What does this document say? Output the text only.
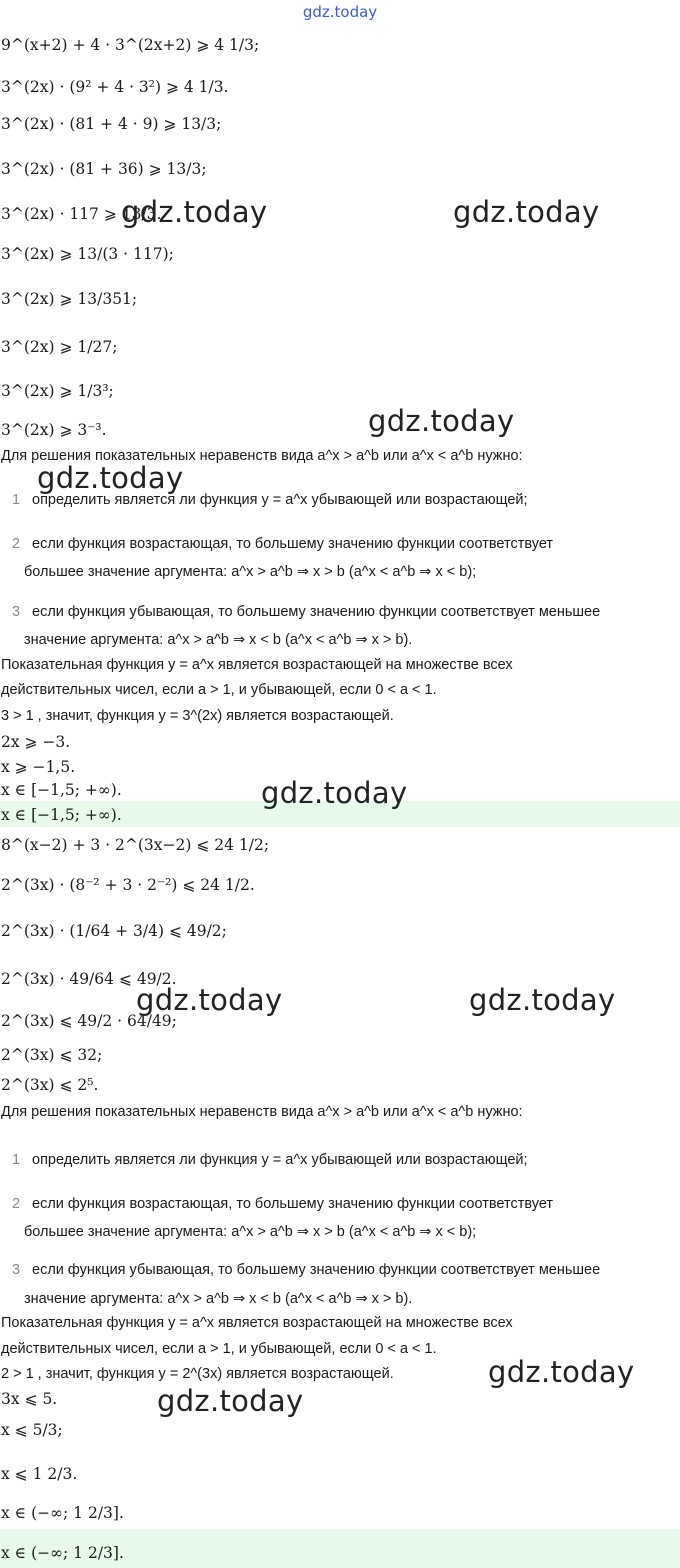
gdz.today
9^(x+2) + 4 · 3^(2x+2) ⩾ 4 1/3;
3^(2x) · (9² + 4 · 3²) ⩾ 4 1/3.
3^(2x) · (81 + 4 · 9) ⩾ 13/3;
3^(2x) · (81 + 36) ⩾ 13/3;
3^(2x) · 117 ⩾ 13/3.
3^(2x) ⩾ 13/(3 · 117);
3^(2x) ⩾ 13/351;
3^(2x) ⩾ 1/27;
3^(2x) ⩾ 1/3³;
3^(2x) ⩾ 3⁻³.
Для решения показательных неравенств вида a^x > a^b или a^x < a^b нужно:
1 определить является ли функция y = a^x убывающей или возрастающей;
2 если функция возрастающая, то большему значению функции соответствует
большее значение аргумента: a^x > a^b ⇒ x > b (a^x < a^b ⇒ x < b);
3 если функция убывающая, то большему значению функции соответствует меньшее
значение аргумента: a^x > a^b ⇒ x < b (a^x < a^b ⇒ x > b).
Показательная функция y = a^x является возрастающей на множестве всех
действительных чисел, если a > 1, и убывающей, если 0 < a < 1.
3 > 1 , значит, функция y = 3^(2x) является возрастающей.
2x ⩾ −3.
x ⩾ −1,5.
x ∈ [−1,5; +∞).
x ∈ [−1,5; +∞).
8^(x−2) + 3 · 2^(3x−2) ⩽ 24 1/2;
2^(3x) · (8⁻² + 3 · 2⁻²) ⩽ 24 1/2.
2^(3x) · (1/64 + 3/4) ⩽ 49/2;
2^(3x) · 49/64 ⩽ 49/2.
2^(3x) ⩽ 49/2 · 64/49;
2^(3x) ⩽ 32;
2^(3x) ⩽ 2⁵.
Для решения показательных неравенств вида a^x > a^b или a^x < a^b нужно:
1 определить является ли функция y = a^x убывающей или возрастающей;
2 если функция возрастающая, то большему значению функции соответствует
большее значение аргумента: a^x > a^b ⇒ x > b (a^x < a^b ⇒ x < b);
3 если функция убывающая, то большему значению функции соответствует меньшее
значение аргумента: a^x > a^b ⇒ x < b (a^x < a^b ⇒ x > b).
Показательная функция y = a^x является возрастающей на множестве всех
действительных чисел, если a > 1, и убывающей, если 0 < a < 1.
2 > 1 , значит, функция y = 2^(3x) является возрастающей.
3x ⩽ 5.
x ⩽ 5/3;
x ⩽ 1 2/3.
x ∈ (−∞; 1 2/3].
x ∈ (−∞; 1 2/3].
gdz.today	gdz.today
gdz.today
gdz.today
gdz.today
gdz.today	gdz.today
gdz.today
gdz.today
